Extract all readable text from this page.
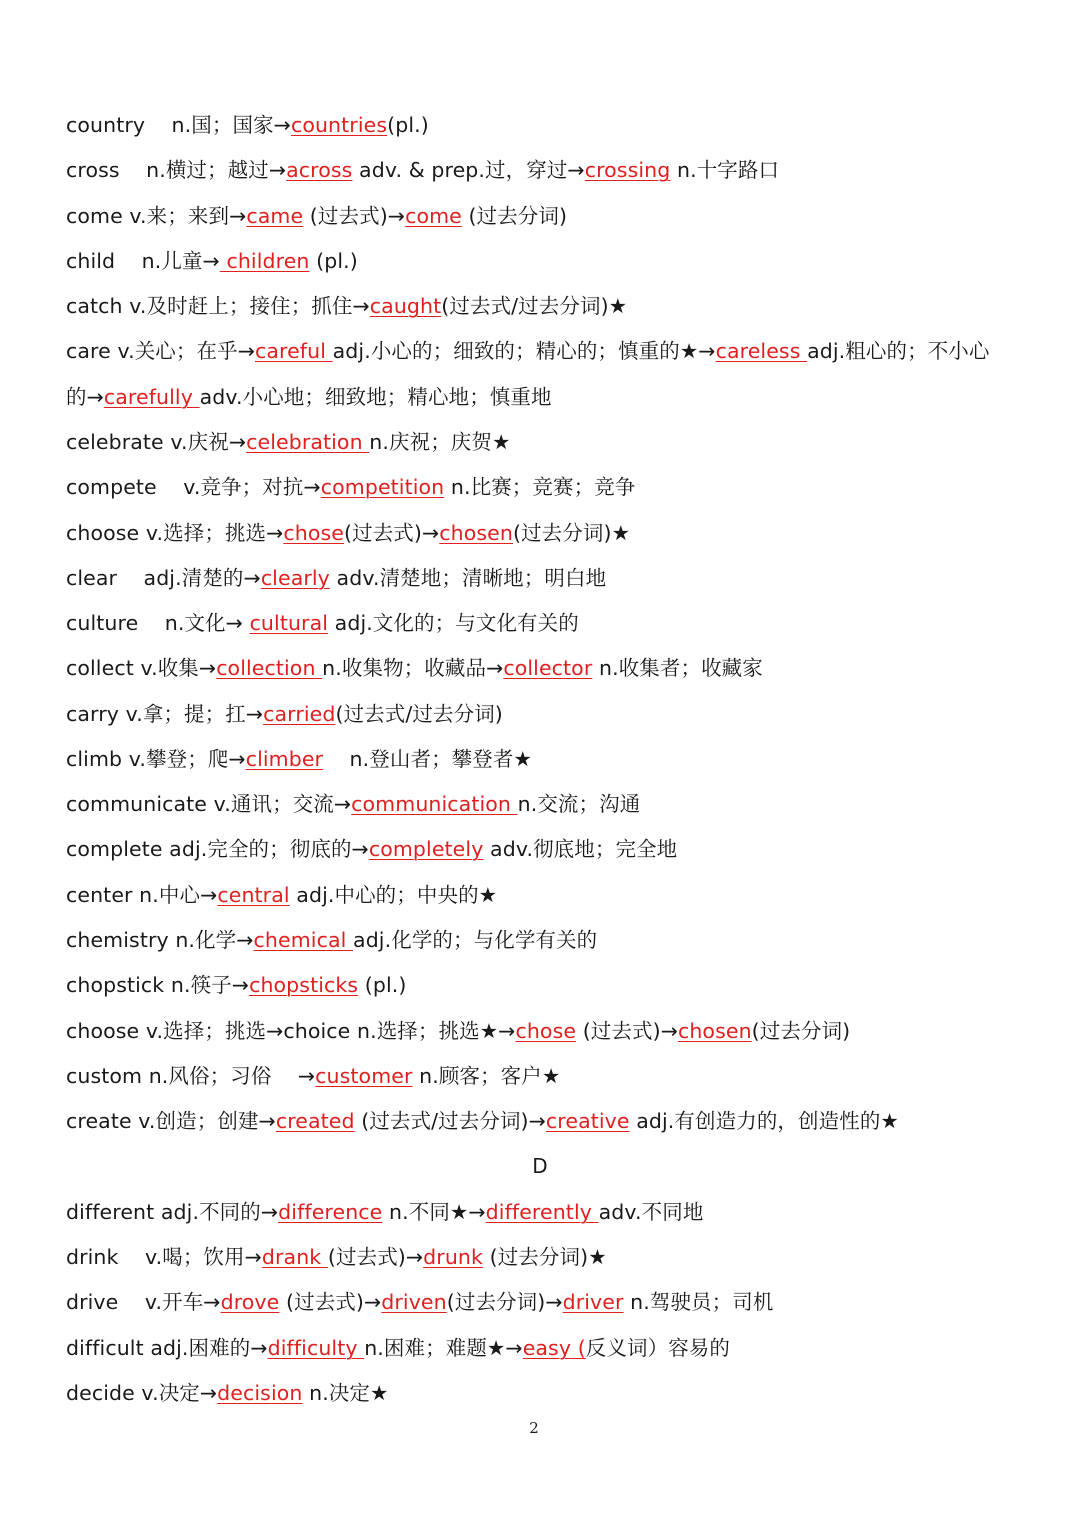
country    n.国；国家→countries(pl.)
cross    n.横过；越过→across adv. & prep.过，穿过→crossing n.十字路口
come v.来；来到→came (过去式)→come (过去分词)
child    n.儿童→ children (pl.)
catch v.及时赶上；接住；抓住→caught(过去式/过去分词)★
care v.关心；在乎→careful adj.小心的；细致的；精心的；慎重的★→careless adj.粗心的；不小心
的→carefully adv.小心地；细致地；精心地；慎重地
celebrate v.庆祝→celebration n.庆祝；庆贺★
compete    v.竞争；对抗→competition n.比赛；竞赛；竞争
choose v.选择；挑选→chose(过去式)→chosen(过去分词)★
clear    adj.清楚的→clearly adv.清楚地；清晰地；明白地
culture    n.文化→ cultural adj.文化的；与文化有关的
collect v.收集→collection n.收集物；收藏品→collector n.收集者；收藏家
carry v.拿；提；扛→carried(过去式/过去分词)
climb v.攀登；爬→climber    n.登山者；攀登者★
communicate v.通讯；交流→communication n.交流；沟通
complete adj.完全的；彻底的→completely adv.彻底地；完全地
center n.中心→central adj.中心的；中央的★
chemistry n.化学→chemical adj.化学的；与化学有关的
chopstick n.筷子→chopsticks (pl.)
choose v.选择；挑选→choice n.选择；挑选★→chose (过去式)→chosen(过去分词)
custom n.风俗；习俗    →customer n.顾客；客户★
create v.创造；创建→created (过去式/过去分词)→creative adj.有创造力的，创造性的★
D
different adj.不同的→difference n.不同★→differently adv.不同地
drink    v.喝；饮用→drank (过去式)→drunk (过去分词)★
drive    v.开车→drove (过去式)→driven(过去分词)→driver n.驾驶员；司机
difficult adj.困难的→difficulty n.困难；难题★→easy (反义词）容易的
decide v.决定→decision n.决定★
2
